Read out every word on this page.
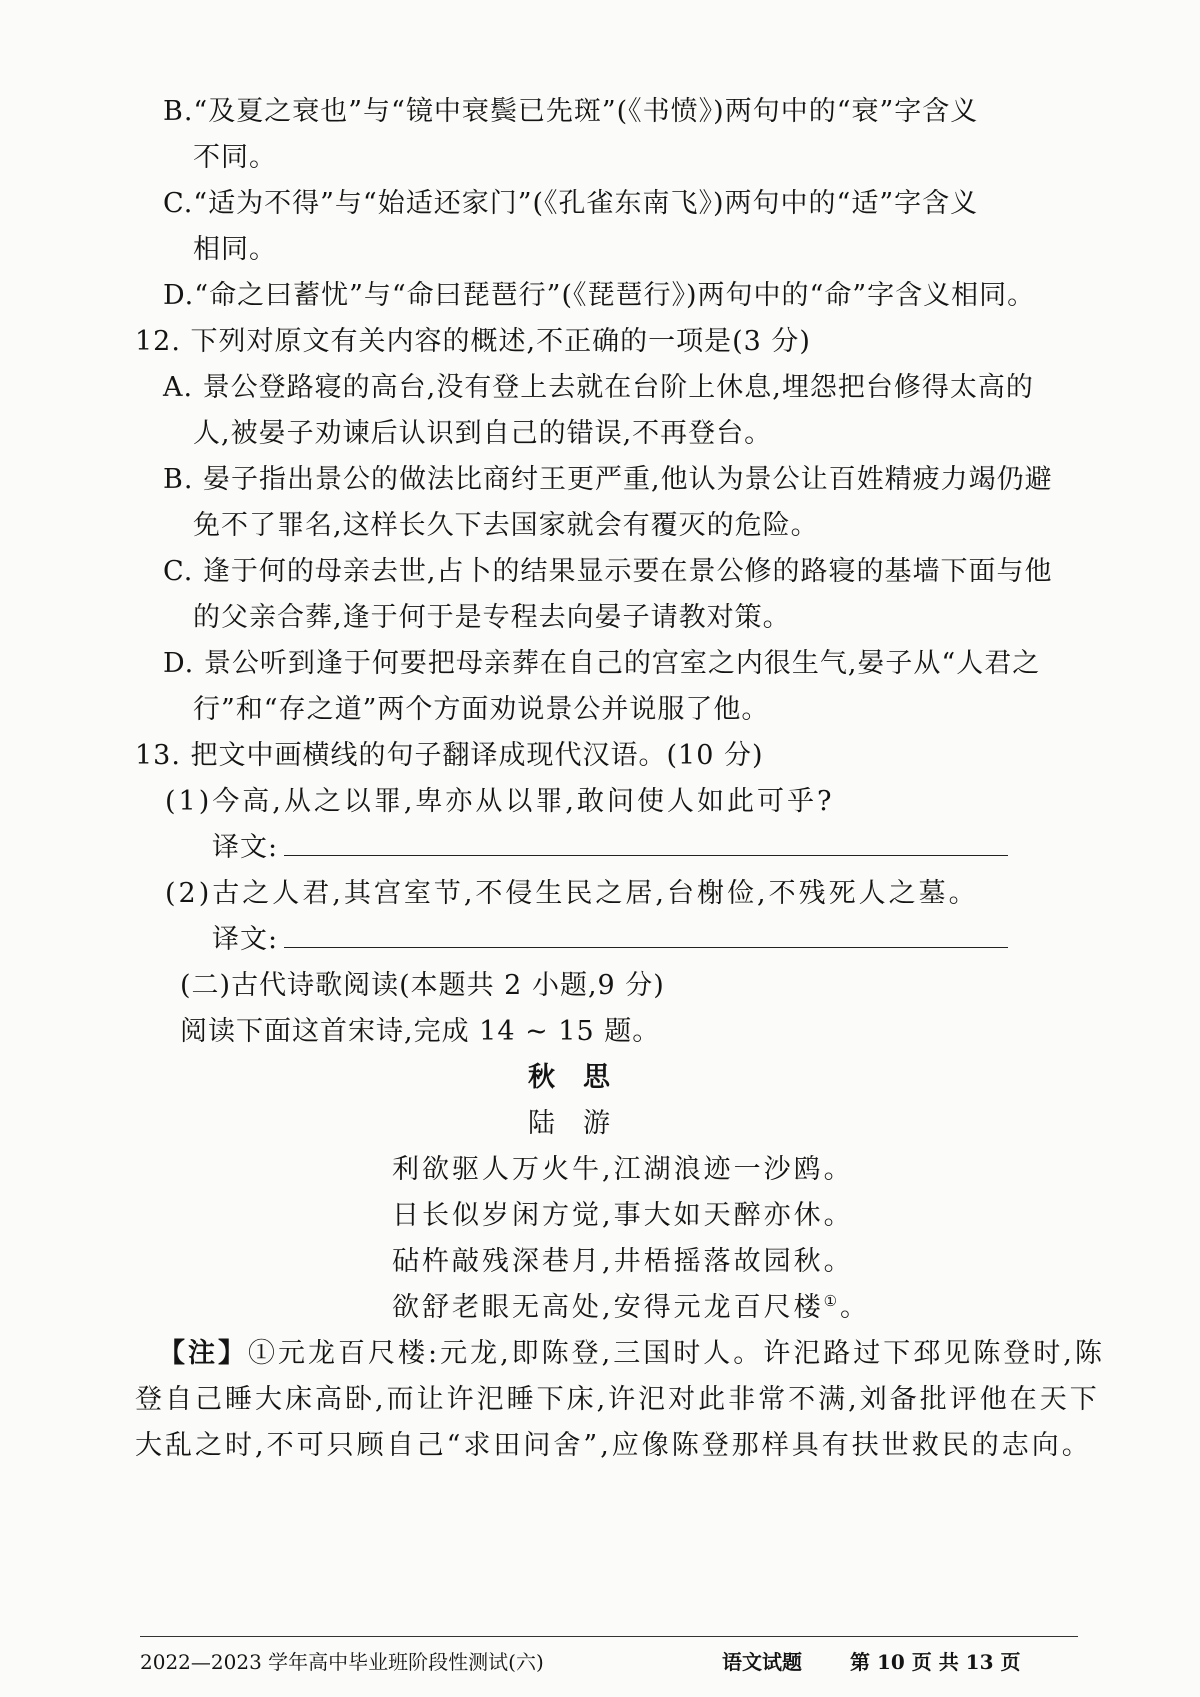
B.“及夏之衰也”与“镜中衰鬓已先斑”(《书愤》)两句中的“衰”字含义
不同。
C.“适为不得”与“始适还家门”(《孔雀东南飞》)两句中的“适”字含义
相同。
D.“命之曰蓄忧”与“命曰琵琶行”(《琵琶行》)两句中的“命”字含义相同。
12. 下列对原文有关内容的概述,不正确的一项是(3 分)
A. 景公登路寝的高台,没有登上去就在台阶上休息,埋怨把台修得太高的
人,被晏子劝谏后认识到自己的错误,不再登台。
B. 晏子指出景公的做法比商纣王更严重,他认为景公让百姓精疲力竭仍避
免不了罪名,这样长久下去国家就会有覆灭的危险。
C. 逢于何的母亲去世,占卜的结果显示要在景公修的路寝的基墙下面与他
的父亲合葬,逢于何于是专程去向晏子请教对策。
D. 景公听到逢于何要把母亲葬在自己的宫室之内很生气,晏子从“人君之
行”和“存之道”两个方面劝说景公并说服了他。
13. 把文中画横线的句子翻译成现代汉语。(10 分)
(1)今高,从之以罪,卑亦从以罪,敢问使人如此可乎?
译文:
(2)古之人君,其宫室节,不侵生民之居,台榭俭,不残死人之墓。
译文:
(二)古代诗歌阅读(本题共 2 小题,9 分)
阅读下面这首宋诗,完成 14 ~ 15 题。
秋思
陆游
利欲驱人万火牛,江湖浪迹一沙鸥。
日长似岁闲方觉,事大如天醉亦休。
砧杵敲残深巷月,井梧摇落故园秋。
欲舒老眼无高处,安得元龙百尺楼①。
【注】①元龙百尺楼:元龙,即陈登,三国时人。许汜路过下邳见陈登时,陈
登自己睡大床高卧,而让许汜睡下床,许汜对此非常不满,刘备批评他在天下
大乱之时,不可只顾自己“求田问舍”,应像陈登那样具有扶世救民的志向。
2022—2023 学年高中毕业班阶段性测试(六)	语文试题 第 10 页 共 13 页
